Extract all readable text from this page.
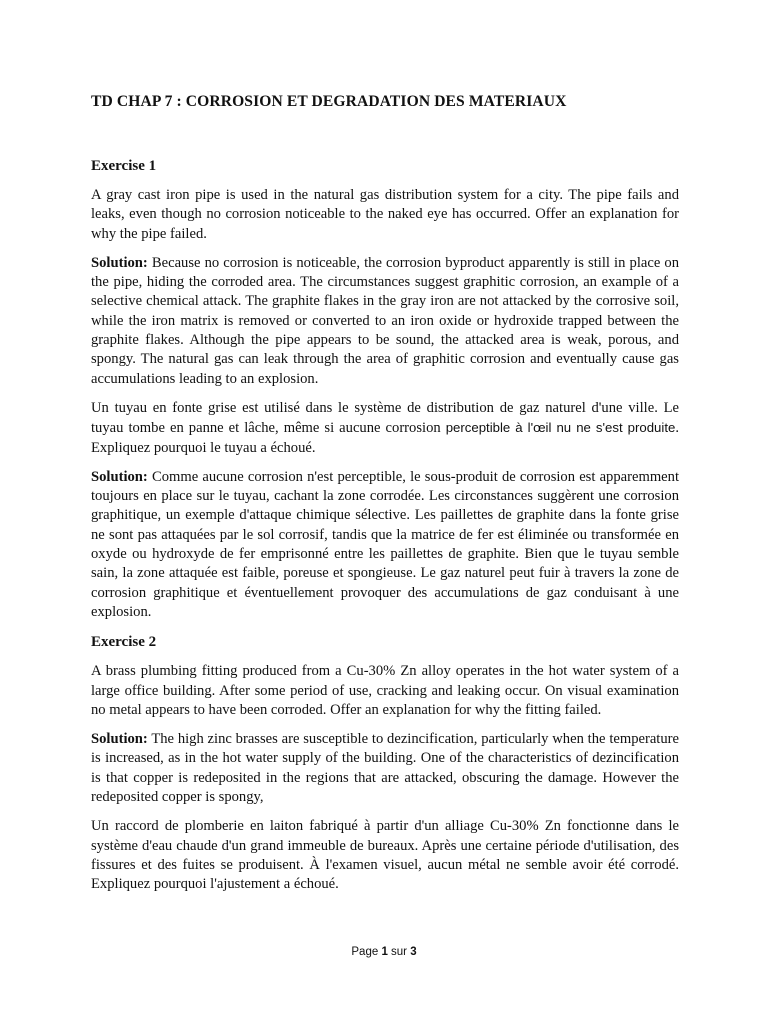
TD CHAP 7 : CORROSION ET DEGRADATION DES MATERIAUX
Exercise 1

A gray cast iron pipe is used in the natural gas distribution system for a city. The pipe fails and leaks, even though no corrosion noticeable to the naked eye has occurred. Offer an explanation for why the pipe failed.

Solution: Because no corrosion is noticeable, the corrosion byproduct apparently is still in place on the pipe, hiding the corroded area. The circumstances suggest graphitic corrosion, an example of a selective chemical attack. The graphite flakes in the gray iron are not attacked by the corrosive soil, while the iron matrix is removed or converted to an iron oxide or hydroxide trapped between the graphite flakes. Although the pipe appears to be sound, the attacked area is weak, porous, and spongy. The natural gas can leak through the area of graphitic corrosion and eventually cause gas accumulations leading to an explosion.

Un tuyau en fonte grise est utilisé dans le système de distribution de gaz naturel d'une ville. Le tuyau tombe en panne et lâche, même si aucune corrosion perceptible à l'œil nu ne s'est produite. Expliquez pourquoi le tuyau a échoué.

Solution: Comme aucune corrosion n'est perceptible, le sous-produit de corrosion est apparemment toujours en place sur le tuyau, cachant la zone corrodée. Les circonstances suggèrent une corrosion graphitique, un exemple d'attaque chimique sélective. Les paillettes de graphite dans la fonte grise ne sont pas attaquées par le sol corrosif, tandis que la matrice de fer est éliminée ou transformée en oxyde ou hydroxyde de fer emprisonné entre les paillettes de graphite. Bien que le tuyau semble sain, la zone attaquée est faible, poreuse et spongieuse. Le gaz naturel peut fuir à travers la zone de corrosion graphitique et éventuellement provoquer des accumulations de gaz conduisant à une explosion.

Exercise 2

A brass plumbing fitting produced from a Cu-30% Zn alloy operates in the hot water system of a large office building. After some period of use, cracking and leaking occur. On visual examination no metal appears to have been corroded. Offer an explanation for why the fitting failed.

Solution: The high zinc brasses are susceptible to dezincification, particularly when the temperature is increased, as in the hot water supply of the building. One of the characteristics of dezincification is that copper is redeposited in the regions that are attacked, obscuring the damage. However the redeposited copper is spongy,

Un raccord de plomberie en laiton fabriqué à partir d'un alliage Cu-30% Zn fonctionne dans le système d'eau chaude d'un grand immeuble de bureaux. Après une certaine période d'utilisation, des fissures et des fuites se produisent. À l'examen visuel, aucun métal ne semble avoir été corrodé. Expliquez pourquoi l'ajustement a échoué.

Page 1 sur 3
